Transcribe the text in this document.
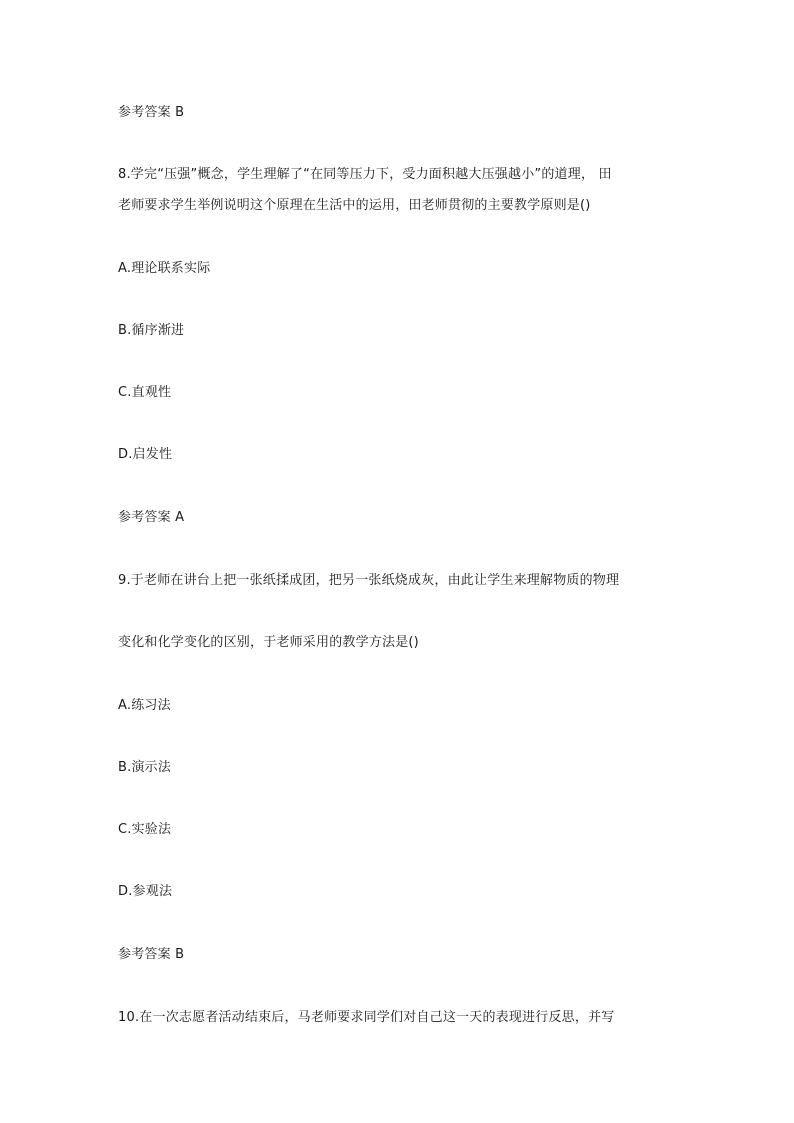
参考答案 B
8.学完“压强”概念，学生理解了“在同等压力下，受力面积越大压强越小”的道理， 田
老师要求学生举例说明这个原理在生活中的运用，田老师贯彻的主要教学原则是()
A.理论联系实际
B.循序渐进
C.直观性
D.启发性
参考答案 A
9.于老师在讲台上把一张纸揉成团，把另一张纸烧成灰，由此让学生来理解物质的物理
变化和化学变化的区别，于老师采用的教学方法是()
A.练习法
B.演示法
C.实验法
D.参观法
参考答案 B
10.在一次志愿者活动结束后，马老师要求同学们对自己这一天的表现进行反思，并写
